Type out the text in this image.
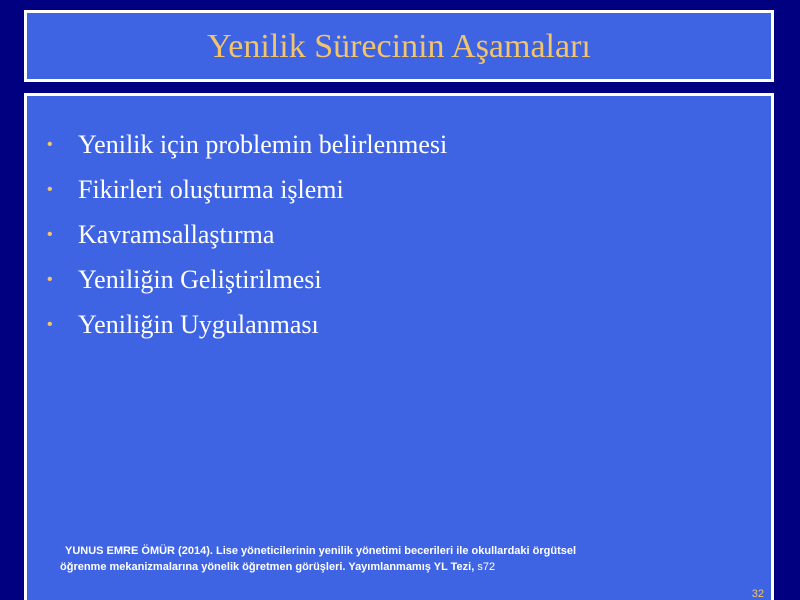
Yenilik Sürecinin Aşamaları
• Yenilik için problemin belirlenmesi
• Fikirleri oluşturma işlemi
• Kavramsallaştırma
• Yeniliğin Geliştirilmesi
• Yeniliğin Uygulanması
YUNUS EMRE ÖMÜR (2014). Lise yöneticilerinin yenilik yönetimi becerileri ile okullardaki örgütsel
öğrenme mekanizmalarına yönelik öğretmen görüşleri. Yayımlanmamış YL Tezi, s72
32
